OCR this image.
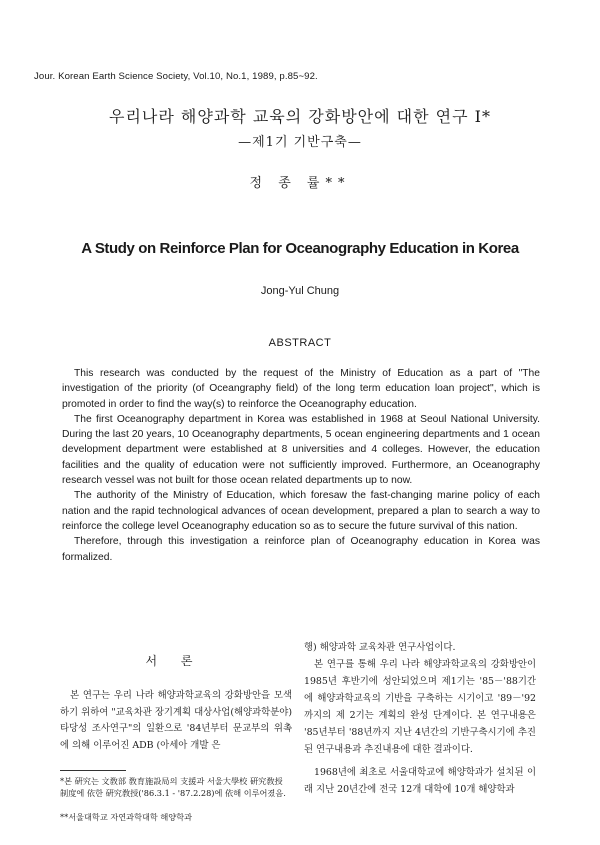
Jour. Korean Earth Science Society, Vol.10, No.1, 1989, p.85~92.
우리나라 해양과학 교육의 강화방안에 대한 연구 Ⅰ*
—제1기 기반구축—
정 종 률**
A Study on Reinforce Plan for Oceanography Education in Korea
Jong-Yul Chung
ABSTRACT

This research was conducted by the request of the Ministry of Education as a part of "The investigation of the priority (of Oceangraphy field) of the long term education loan project", which is promoted in order to find the way(s) to reinforce the Oceanography education.

The first Oceanography department in Korea was established in 1968 at Seoul National University. During the last 20 years, 10 Oceanography departments, 5 ocean engineering departments and 1 ocean development department were established at 8 universities and 4 colleges. However, the education facilities and the quality of education were not sufficiently improved. Furthermore, an Oceanography research vessel was not built for those ocean related departments up to now.

The authority of the Ministry of Education, which foresaw the fast-changing marine policy of each nation and the rapid technological advances of ocean development, prepared a plan to search a way to reinforce the college level Oceanography education so as to secure the future survival of this nation.

Therefore, through this investigation a reinforce plan of Oceanography education in Korea was formalized.

서 론

본 연구는 우리 나라 해양과학교육의 강화방안을 모색하기 위하여 "교육차관 장기계획 대상사업(해양과학분야) 타당성 조사연구"의 일환으로 '84년부터 문교부의 위촉에 의해 이루어진 ADB (아세아 개발 은

*본 硏究는 文敎部 敎育施設局의 支援과 서울大學校 硏究敎授 制度에 依한 硏究敎授('86.3.1 - '87.2.28)에 依해 이루어졌음.
**서울대학교 자연과학대학 해양학과

행) 해양과학 교육차관 연구사업이다.

본 연구를 통해 우리 나라 해양과학교육의 강화방안이 1985년 후반기에 성안되었으며 제1기는 '85－'88기간에 해양과학교육의 기반을 구축하는 시기이고 '89－'92까지의 제 2기는 계획의 완성 단계이다. 본 연구내용은 '85년부터 '88년까지 지난 4년간의 기반구축시기에 추진된 연구내용과 추진내용에 대한 결과이다.

1968년에 최초로 서울대학교에 해양학과가 설치된 이래 지난 20년간에 전국 12개 대학에 10개 해양학과
